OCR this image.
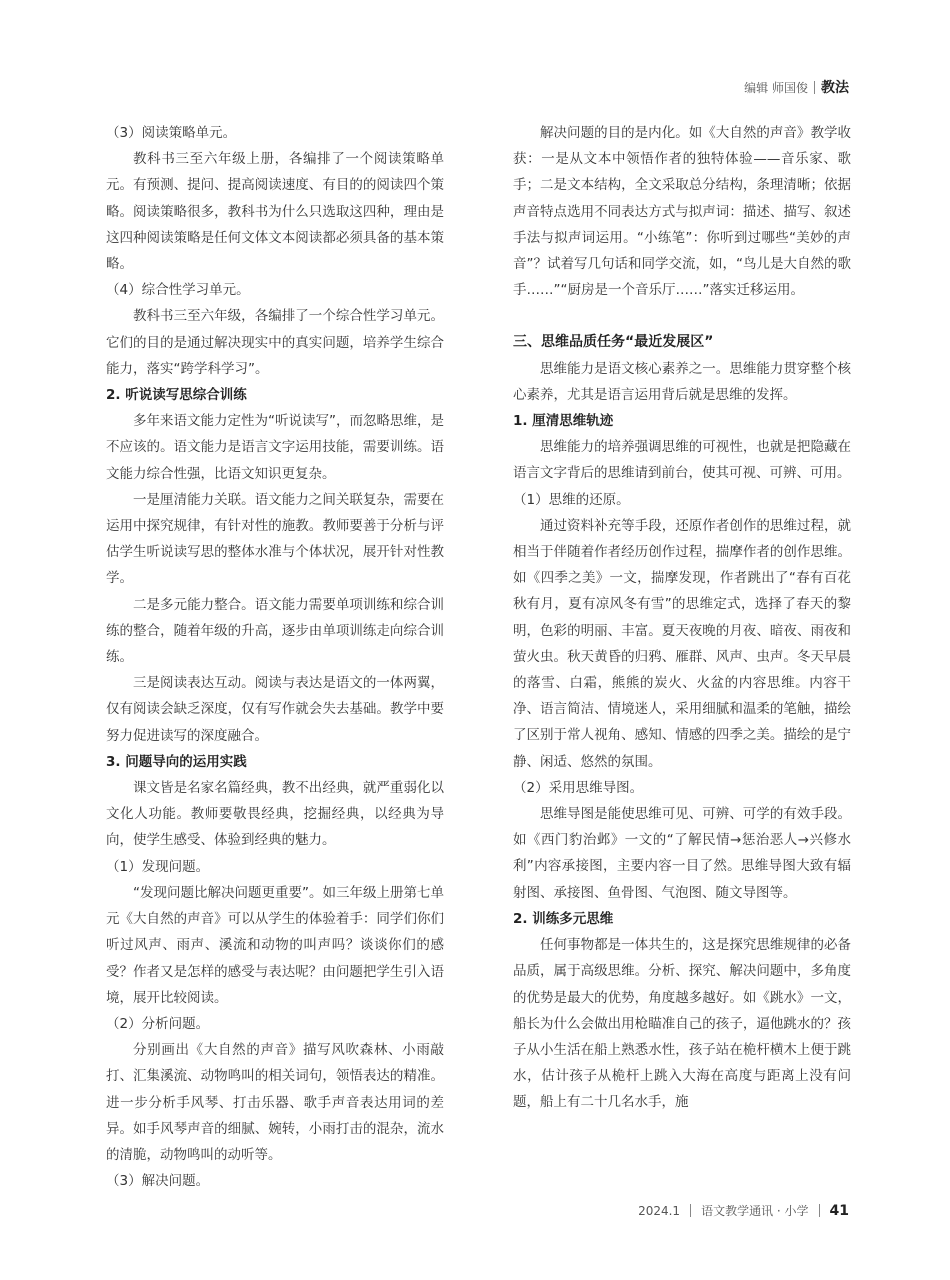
编辑 师国俊 教法

（3）阅读策略单元。

教科书三至六年级上册，各编排了一个阅读策略单元。有预测、提问、提高阅读速度、有目的的阅读四个策略。阅读策略很多，教科书为什么只选取这四种，理由是这四种阅读策略是任何文体文本阅读都必须具备的基本策略。

（4）综合性学习单元。

教科书三至六年级，各编排了一个综合性学习单元。它们的目的是通过解决现实中的真实问题，培养学生综合能力，落实“跨学科学习”。

2. 听说读写思综合训练

多年来语文能力定性为“听说读写”，而忽略思维，是不应该的。语文能力是语言文字运用技能，需要训练。语文能力综合性强，比语文知识更复杂。

一是厘清能力关联。语文能力之间关联复杂，需要在运用中探究规律，有针对性的施教。教师要善于分析与评估学生听说读写思的整体水准与个体状况，展开针对性教学。

二是多元能力整合。语文能力需要单项训练和综合训练的整合，随着年级的升高，逐步由单项训练走向综合训练。

三是阅读表达互动。阅读与表达是语文的一体两翼，仅有阅读会缺乏深度，仅有写作就会失去基础。教学中要努力促进读写的深度融合。

3. 问题导向的运用实践

课文皆是名家名篇经典，教不出经典，就严重弱化以文化人功能。教师要敬畏经典，挖掘经典，以经典为导向，使学生感受、体验到经典的魅力。

（1）发现问题。

“发现问题比解决问题更重要”。如三年级上册第七单元《大自然的声音》可以从学生的体验着手：同学们你们听过风声、雨声、溪流和动物的叫声吗？谈谈你们的感受？作者又是怎样的感受与表达呢？由问题把学生引入语境，展开比较阅读。

（2）分析问题。

分别画出《大自然的声音》描写风吹森林、小雨敲打、汇集溪流、动物鸣叫的相关词句，领悟表达的精准。进一步分析手风琴、打击乐器、歌手声音表达用词的差异。如手风琴声音的细腻、婉转，小雨打击的混杂，流水的清脆，动物鸣叫的动听等。

（3）解决问题。

解决问题的目的是内化。如《大自然的声音》教学收获：一是从文本中领悟作者的独特体验——音乐家、歌手；二是文本结构，全文采取总分结构，条理清晰；依据声音特点选用不同表达方式与拟声词：描述、描写、叙述手法与拟声词运用。“小练笔”：你听到过哪些“美妙的声音”？试着写几句话和同学交流，如，“鸟儿是大自然的歌手……”“厨房是一个音乐厅……”落实迁移运用。

三、思维品质任务“最近发展区”

思维能力是语文核心素养之一。思维能力贯穿整个核心素养，尤其是语言运用背后就是思维的发挥。

1. 厘清思维轨迹

思维能力的培养强调思维的可视性，也就是把隐藏在语言文字背后的思维请到前台，使其可视、可辨、可用。

（1）思维的还原。

通过资料补充等手段，还原作者创作的思维过程，就相当于伴随着作者经历创作过程，揣摩作者的创作思维。如《四季之美》一文，揣摩发现，作者跳出了“春有百花秋有月，夏有凉风冬有雪”的思维定式，选择了春天的黎明，色彩的明丽、丰富。夏天夜晚的月夜、暗夜、雨夜和萤火虫。秋天黄昏的归鸦、雁群、风声、虫声。冬天早晨的落雪、白霜，熊熊的炭火、火盆的内容思维。内容干净、语言简洁、情境迷人，采用细腻和温柔的笔触，描绘了区别于常人视角、感知、情感的四季之美。描绘的是宁静、闲适、悠然的氛围。

（2）采用思维导图。

思维导图是能使思维可见、可辨、可学的有效手段。如《西门豹治邺》一文的“了解民情→惩治恶人→兴修水利”内容承接图，主要内容一目了然。思维导图大致有辐射图、承接图、鱼骨图、气泡图、随文导图等。

2. 训练多元思维

任何事物都是一体共生的，这是探究思维规律的必备品质，属于高级思维。分析、探究、解决问题中，多角度的优势是最大的优势，角度越多越好。如《跳水》一文，船长为什么会做出用枪瞄准自己的孩子，逼他跳水的？孩子从小生活在船上熟悉水性，孩子站在桅杆横木上便于跳水，估计孩子从桅杆上跳入大海在高度与距离上没有问题，船上有二十几名水手，施

2024.1 语文教学通讯 · 小学 41
